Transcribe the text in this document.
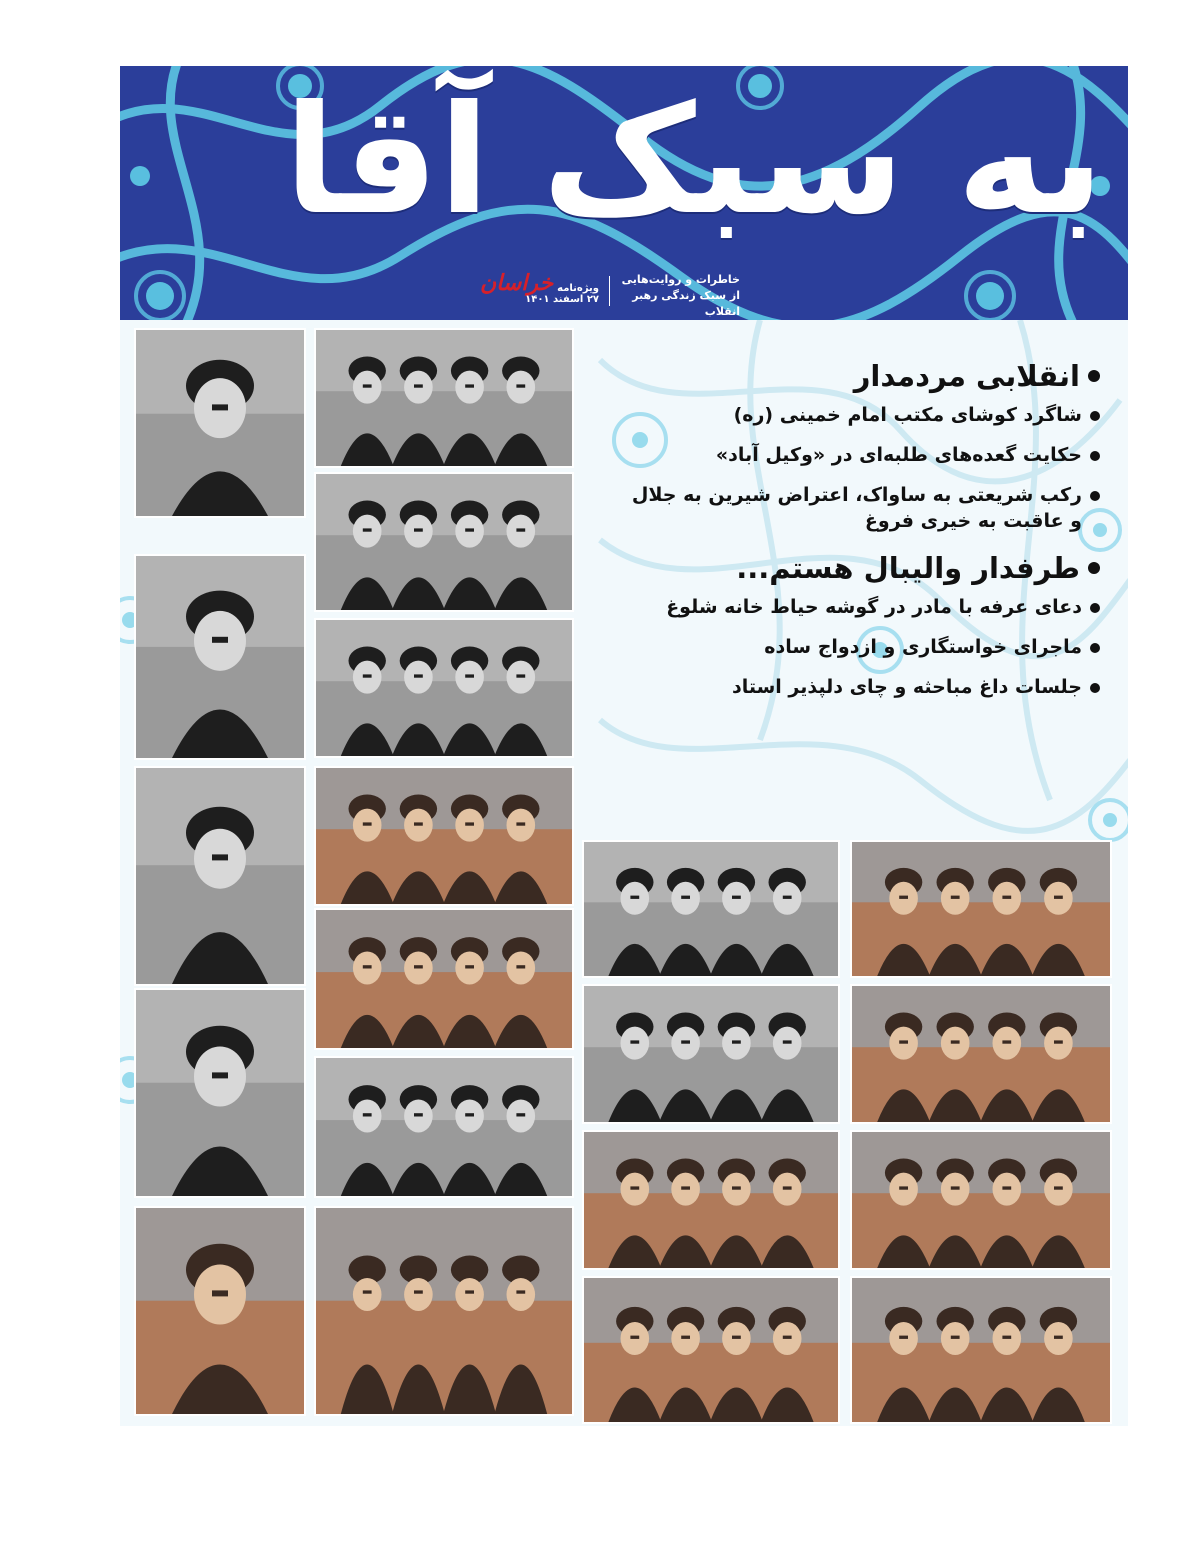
به سبک آقا
خاطرات و روایت‌هایی
از سبک زندگی رهبر انقلاب
ویژه‌نامه
خراسان
۲۷ اسفند ۱۴۰۱
انقلابی مردمدار
شاگرد کوشای مکتب امام خمینی (ره)
حکایت گعده‌های طلبه‌ای در «وکیل آباد»
رکب شریعتی به ساواک، اعتراض شیرین به جلال و عاقبت به خیری فروغ
طرفدار والیبال هستم...
دعای عرفه با مادر در گوشه حیاط خانه شلوغ
ماجرای خواستگاری و ازدواج ساده
جلسات داغ مباحثه و چای دلپذیر استاد
